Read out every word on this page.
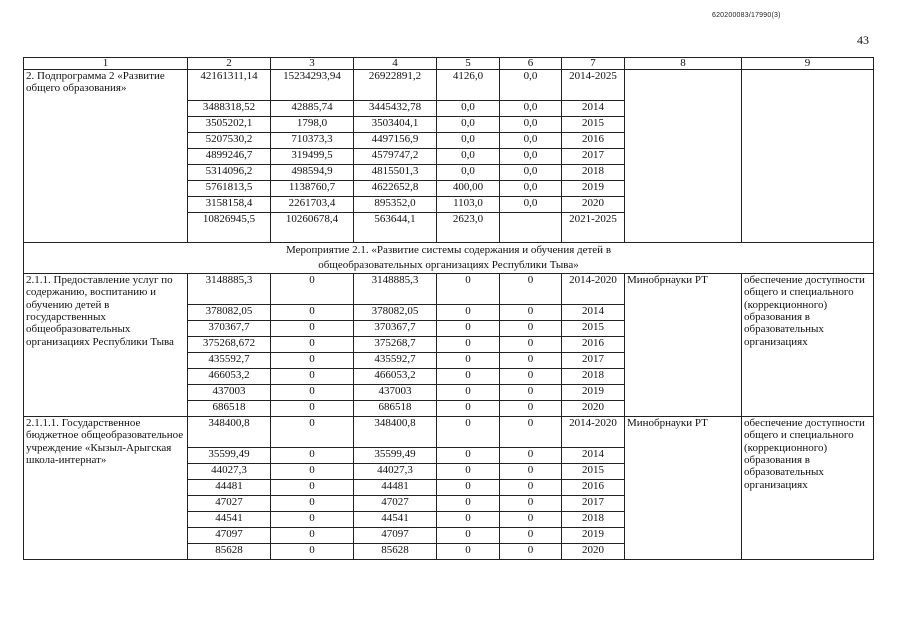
620200083/17990(3)
43
1	2	3	4	5	6	7	8	9
2. Подпрограмма 2 «Развитие общего образования»	42161311,14	15234293,94	26922891,2	4126,0	0,0	2014-2025		
	3488318,52	42885,74	3445432,78	0,0	0,0	2014		
	3505202,1	1798,0	3503404,1	0,0	0,0	2015		
	5207530,2	710373,3	4497156,9	0,0	0,0	2016		
	4899246,7	319499,5	4579747,2	0,0	0,0	2017		
	5314096,2	498594,9	4815501,3	0,0	0,0	2018		
	5761813,5	1138760,7	4622652,8	400,00	0,0	2019		
	3158158,4	2261703,4	895352,0	1103,0	0,0	2020		
	10826945,5	10260678,4	563644,1	2623,0		2021-2025		
Мероприятие 2.1. «Развитие системы содержания и обучения детей в общеобразовательных организациях Республики Тыва»								
2.1.1. Предоставление услуг по содержанию, воспитанию и обучению детей в государственных общеобразовательных организациях Республики Тыва	3148885,3	0	3148885,3	0	0	2014-2020	Минобрнауки РТ	обеспечение доступности общего и специального (коррекционного) образования в образовательных организациях
	378082,05	0	378082,05	0	0	2014		
	370367,7	0	370367,7	0	0	2015		
	375268,672	0	375268,7	0	0	2016		
	435592,7	0	435592,7	0	0	2017		
	466053,2	0	466053,2	0	0	2018		
	437003	0	437003	0	0	2019		
	686518	0	686518	0	0	2020		
2.1.1.1. Государственное бюджетное общеобразовательное учреждение «Кызыл-Арыгская школа-интернат»	348400,8	0	348400,8	0	0	2014-2020	Минобрнауки РТ	обеспечение доступности общего и специального (коррекционного) образования в образовательных организациях
	35599,49	0	35599,49	0	0	2014		
	44027,3	0	44027,3	0	0	2015		
	44481	0	44481	0	0	2016		
	47027	0	47027	0	0	2017		
	44541	0	44541	0	0	2018		
	47097	0	47097	0	0	2019		
	85628	0	85628	0	0	2020		
